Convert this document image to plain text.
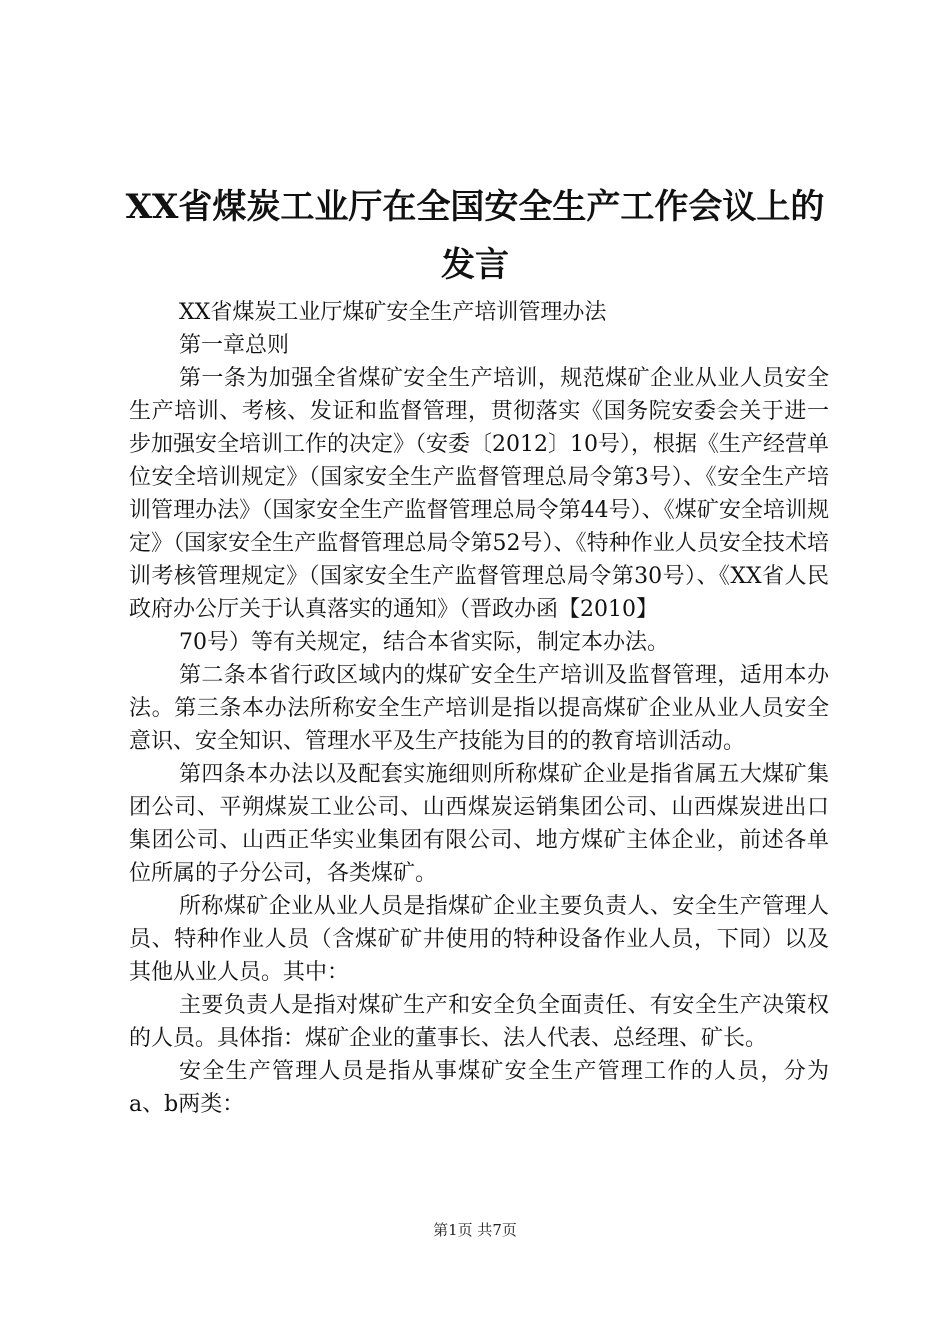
XX省煤炭工业厅在全国安全生产工作会议上的发言

XX省煤炭工业厅煤矿安全生产培训管理办法

第一章总则

第一条为加强全省煤矿安全生产培训，规范煤矿企业从业人员安全生产培训、考核、发证和监督管理，贯彻落实《国务院安委会关于进一步加强安全培训工作的决定》（安委〔2012〕10号），根据《生产经营单位安全培训规定》（国家安全生产监督管理总局令第3号）、《安全生产培训管理办法》（国家安全生产监督管理总局令第44号）、《煤矿安全培训规定》（国家安全生产监督管理总局令第52号）、《特种作业人员安全技术培训考核管理规定》（国家安全生产监督管理总局令第30号）、《XX省人民政府办公厅关于认真落实的通知》（晋政办函【2010】

70号）等有关规定，结合本省实际，制定本办法。

第二条本省行政区域内的煤矿安全生产培训及监督管理，适用本办法。第三条本办法所称安全生产培训是指以提高煤矿企业从业人员安全意识、安全知识、管理水平及生产技能为目的的教育培训活动。

第四条本办法以及配套实施细则所称煤矿企业是指省属五大煤矿集团公司、平朔煤炭工业公司、山西煤炭运销集团公司、山西煤炭进出口集团公司、山西正华实业集团有限公司、地方煤矿主体企业，前述各单位所属的子分公司，各类煤矿。

所称煤矿企业从业人员是指煤矿企业主要负责人、安全生产管理人员、特种作业人员（含煤矿矿井使用的特种设备作业人员，下同）以及其他从业人员。其中：

主要负责人是指对煤矿生产和安全负全面责任、有安全生产决策权的人员。具体指：煤矿企业的董事长、法人代表、总经理、矿长。

安全生产管理人员是指从事煤矿安全生产管理工作的人员，分为a、b两类：

第1页 共7页
